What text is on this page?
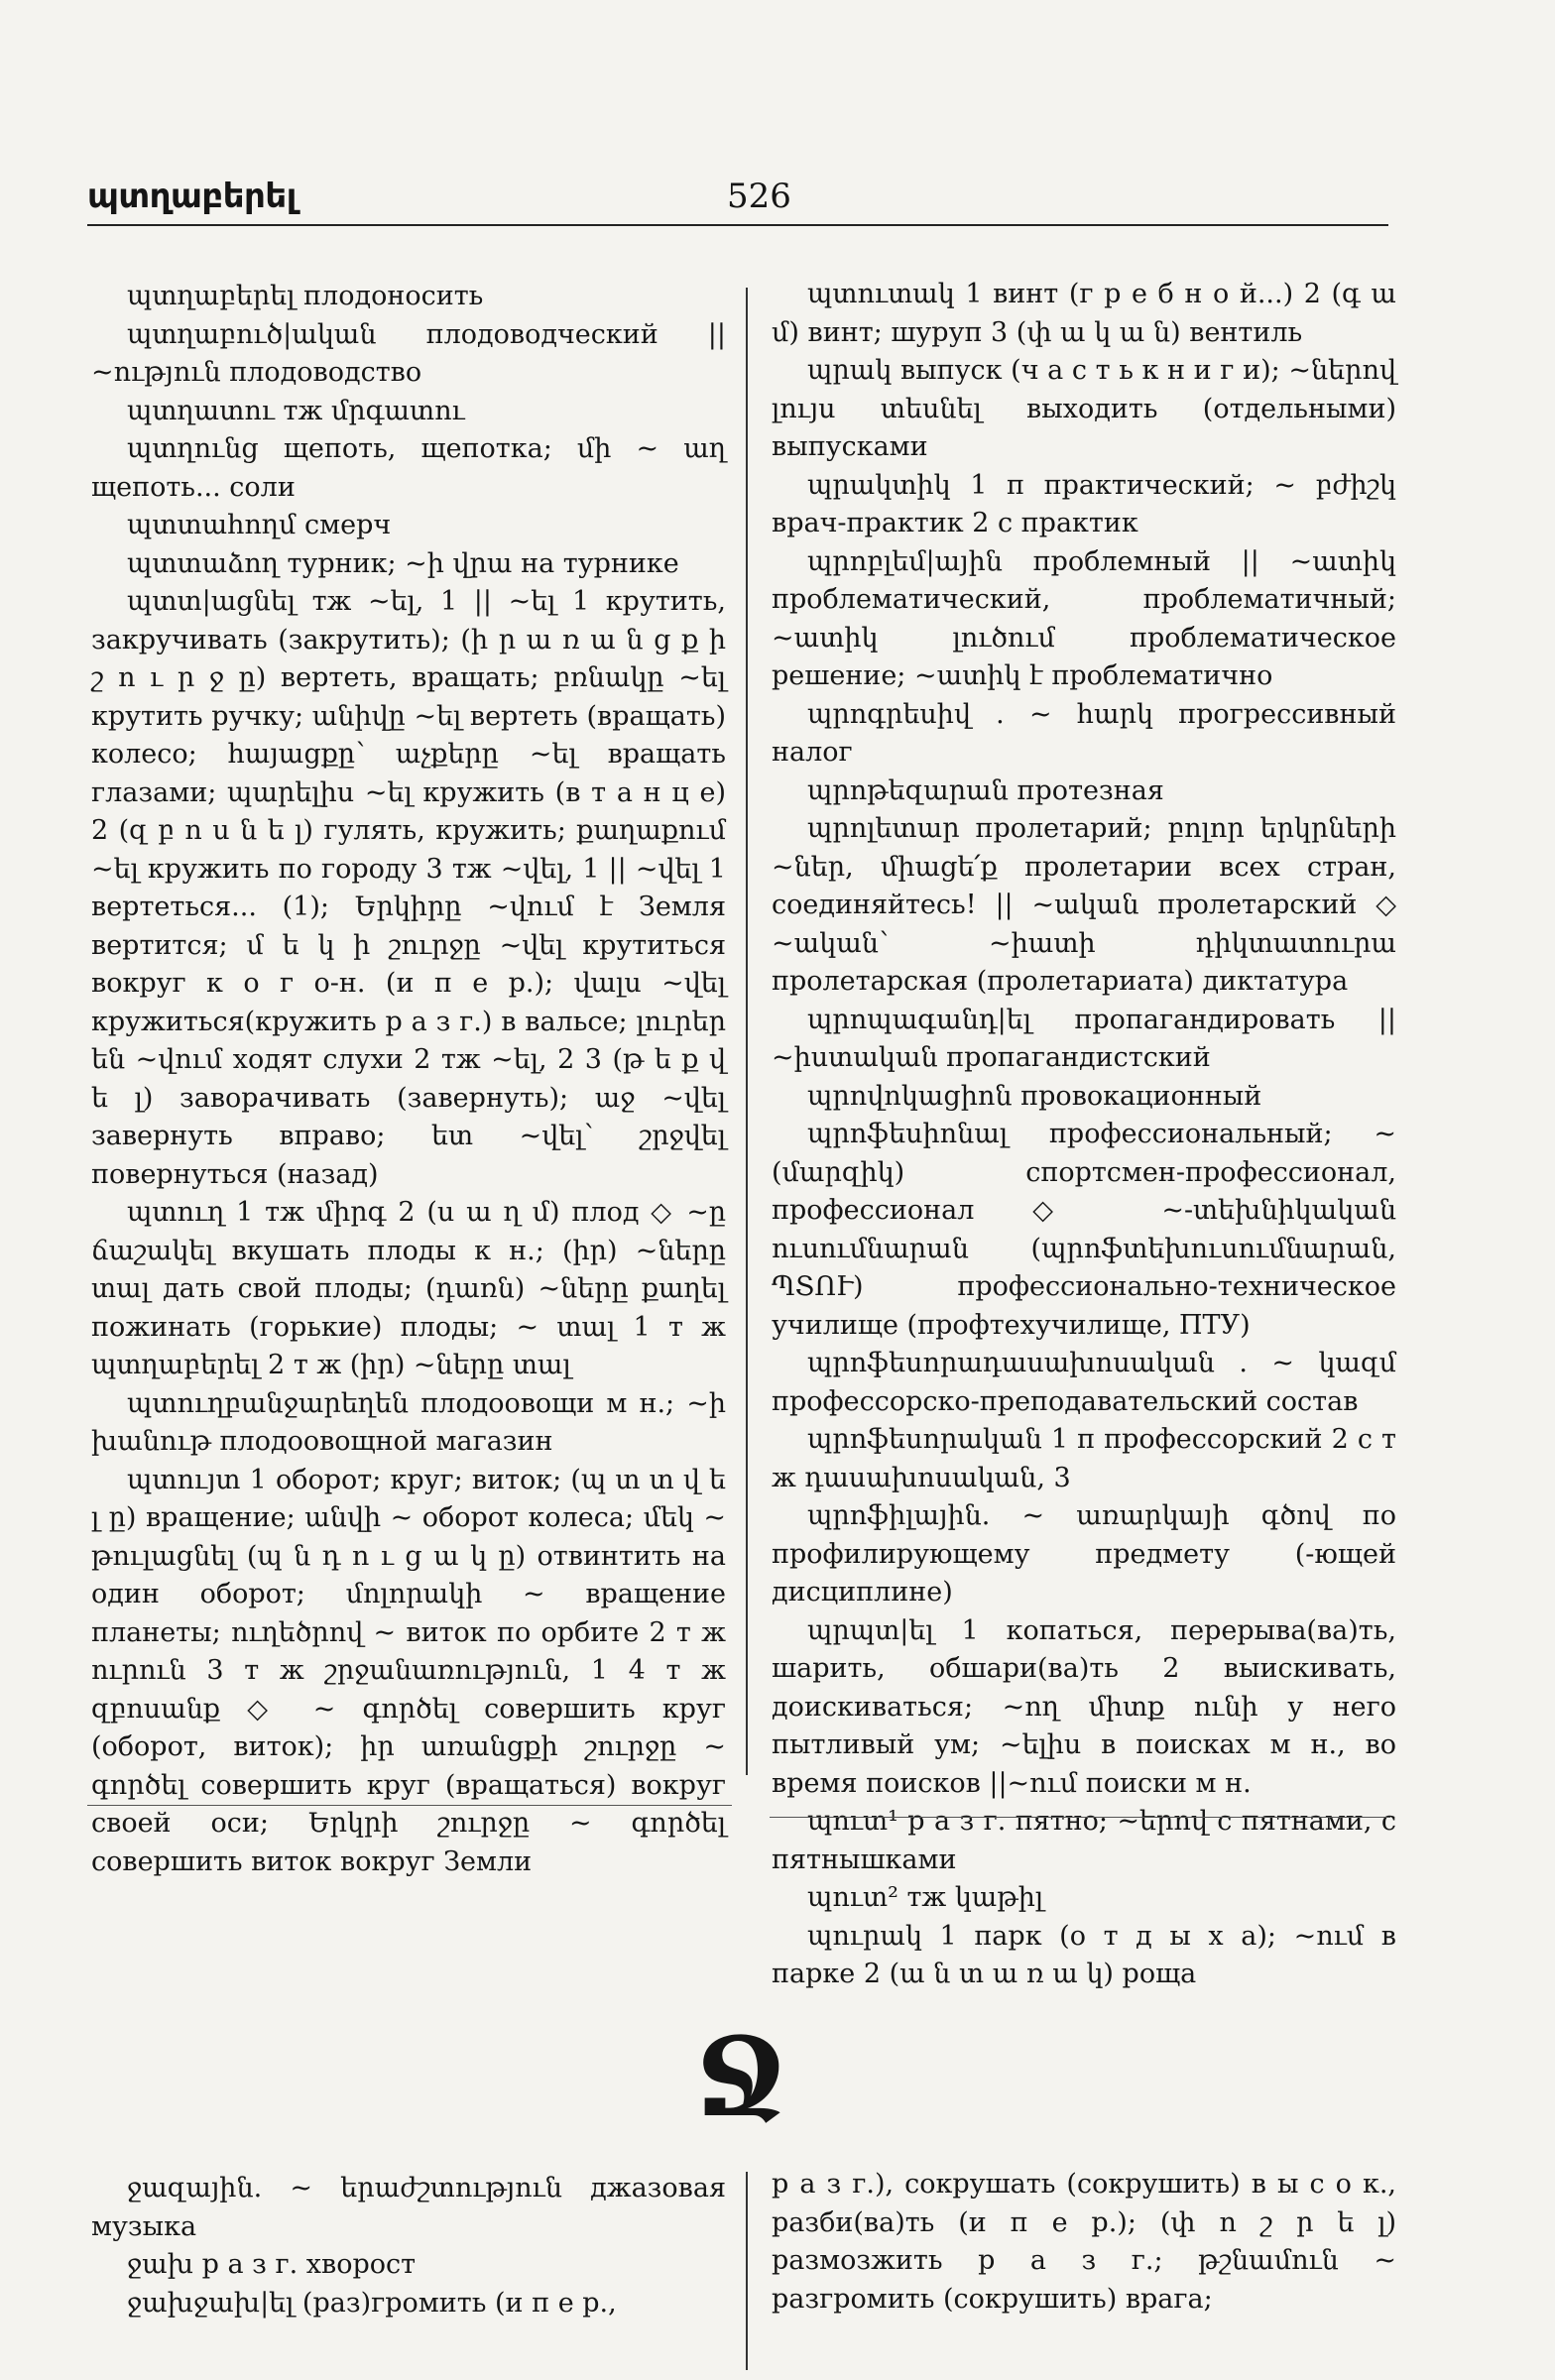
պտղաբերել	526

պտղաբերել плодоносить

պտղաբուծ|ական плодоводческий || ~ություն плодоводство

պտղատու тж մրգատու

պտղունց щепоть, щепотка; մի ~ աղ щепоть... соли

պտտահողմ смерч

պտտաձող турник; ~ի վրա на турнике

պտտ|ացնել тж ~ել, 1 || ~ել 1 крутить, закручивать (закрутить); (ի ր ա ռ ա ն ց ք ի շ ո ւ ր ջ ը) вертеть, вращать; բռնակը ~ել крутить ручку; անիվը ~ել вертеть (вращать) колесо; հայացքը՝ աչքերը ~ել вращать глазами; պարելիս ~ել кружить (в т а н ц е) 2 (զ բ ո ս ն ե լ) гулять, кружить; քաղաքում ~ել кружить по городу 3 тж ~վել, 1 || ~վել 1 вертеться... (1); Երկիրը ~վում է Земля вертится; մ ե կ ի շուրջը ~վել крутиться вокруг к о г о-н. (и п е р.); վալս ~վել кружиться(кружить р а з г.) в вальсе; լուրեր են ~վում ходят слухи 2 тж ~ել, 2 3 (թ ե ք վ ե լ) заворачивать (завернуть); աջ ~վել завернуть вправо; ետ ~վել՝ շրջվել повернуться (назад)

պտուղ 1 тж միրգ 2 (ս ա ղ մ) плод ◇ ~ը ճաշակել вкушать плоды к н.; (իր) ~ները տալ дать свой плоды; (դառն) ~ները քաղել пожинать (горькие) плоды; ~ տալ 1 т ж պտղաբերել 2 т ж (իր) ~ները տալ

պտուղբանջարեղեն плодоовощи м н.; ~ի խանութ плодоовощной магазин

պտույտ 1 оборот; круг; виток; (պ տ տ վ ե լ ը) вращение; անվի ~ оборот колеса; մեկ ~ թուլացնել (պ ն դ ո ւ ց ա կ ը) отвинтить на один оборот; մոլորակի ~ вращение планеты; ուղեծրով ~ виток по орбите 2 т ж ուրուն 3 т ж շրջանառություն, 1 4 т ж զբոսանք ◇ ~ գործել совершить круг (оборот, виток); իր առանցքի շուրջը ~ գործել совершить круг (вращаться) вокруг своей оси; Երկրի շուրջը ~ գործել совершить виток вокруг Земли

պտուտակ 1 винт (г р е б н о й...) 2 (գ ա մ) винт; шуруп 3 (փ ա կ ա ն) вентиль

պրակ выпуск (ч а с т ь к н и г и); ~ներով լույս տեսնել выходить (отдельными) выпусками

պրակտիկ 1 п практический; ~ բժիշկ врач-практик 2 с практик

պրոբլեմ|ային проблемный || ~ատիկ проблематический, проблематичный; ~ատիկ լուծում проблематическое решение; ~ատիկ է проблематично

պրոգրեսիվ . ~ հարկ прогрессивный налог

պրոթեզարան протезная

պրոլետար пролетарий; բոլոր երկրների ~ներ, միացե՛ք пролетарии всех стран, соединяйтесь! || ~ական пролетарский ◇ ~ական՝ ~իատի դիկտատուրա пролетарская (пролетариата) диктатура

պրոպագանդ|ել пропагандировать || ~իստական пропагандистский

պրովոկացիոն провокационный

պրոֆեսիոնալ профессиональный; ~ (մարզիկ) спортсмен-профессионал, профессионал ◇ ~-տեխնիկական ուսումնարան (պրոֆտեխուսումնարան, ՊՏՈՒ) профессионально-техническое училище (профтехучилище, ПТУ)

պրոֆեսորադասախոսական . ~ կազմ профессорско-преподавательский состав

պրոֆեսորական 1 п профессорский 2 с т ж դասախոսական, 3

պրոֆիլային. ~ առարկայի գծով по профилирующему предмету (-ющей дисциплине)

պրպտ|ել 1 копаться, перерыва(ва)ть, шарить, обшари(ва)ть 2 выискивать, доискиваться; ~ող միտք ունի у него пытливый ум; ~ելիս в поисках м н., во время поисков ||~ում поиски м н.

պուտ¹ р а з г. пятно; ~երով с пятнами, с пятнышками

պուտ² тж կաթիլ

պուրակ 1 парк (о т д ы х а); ~ում в парке 2 (ա ն տ ա ռ ա կ) роща

Ջ

ջազային. ~ երաժշտություն джазовая музыка

ջախ р а з г. хворост

ջախջախ|ել (раз)громить (и п е р.,

р а з г.), сокрушать (сокрушить) в ы с о к., разби(ва)ть (и п е р.); (փ ո շ ր ե լ) размозжить р а з г.; թշնամուն ~ разгромить (сокрушить) врага;
